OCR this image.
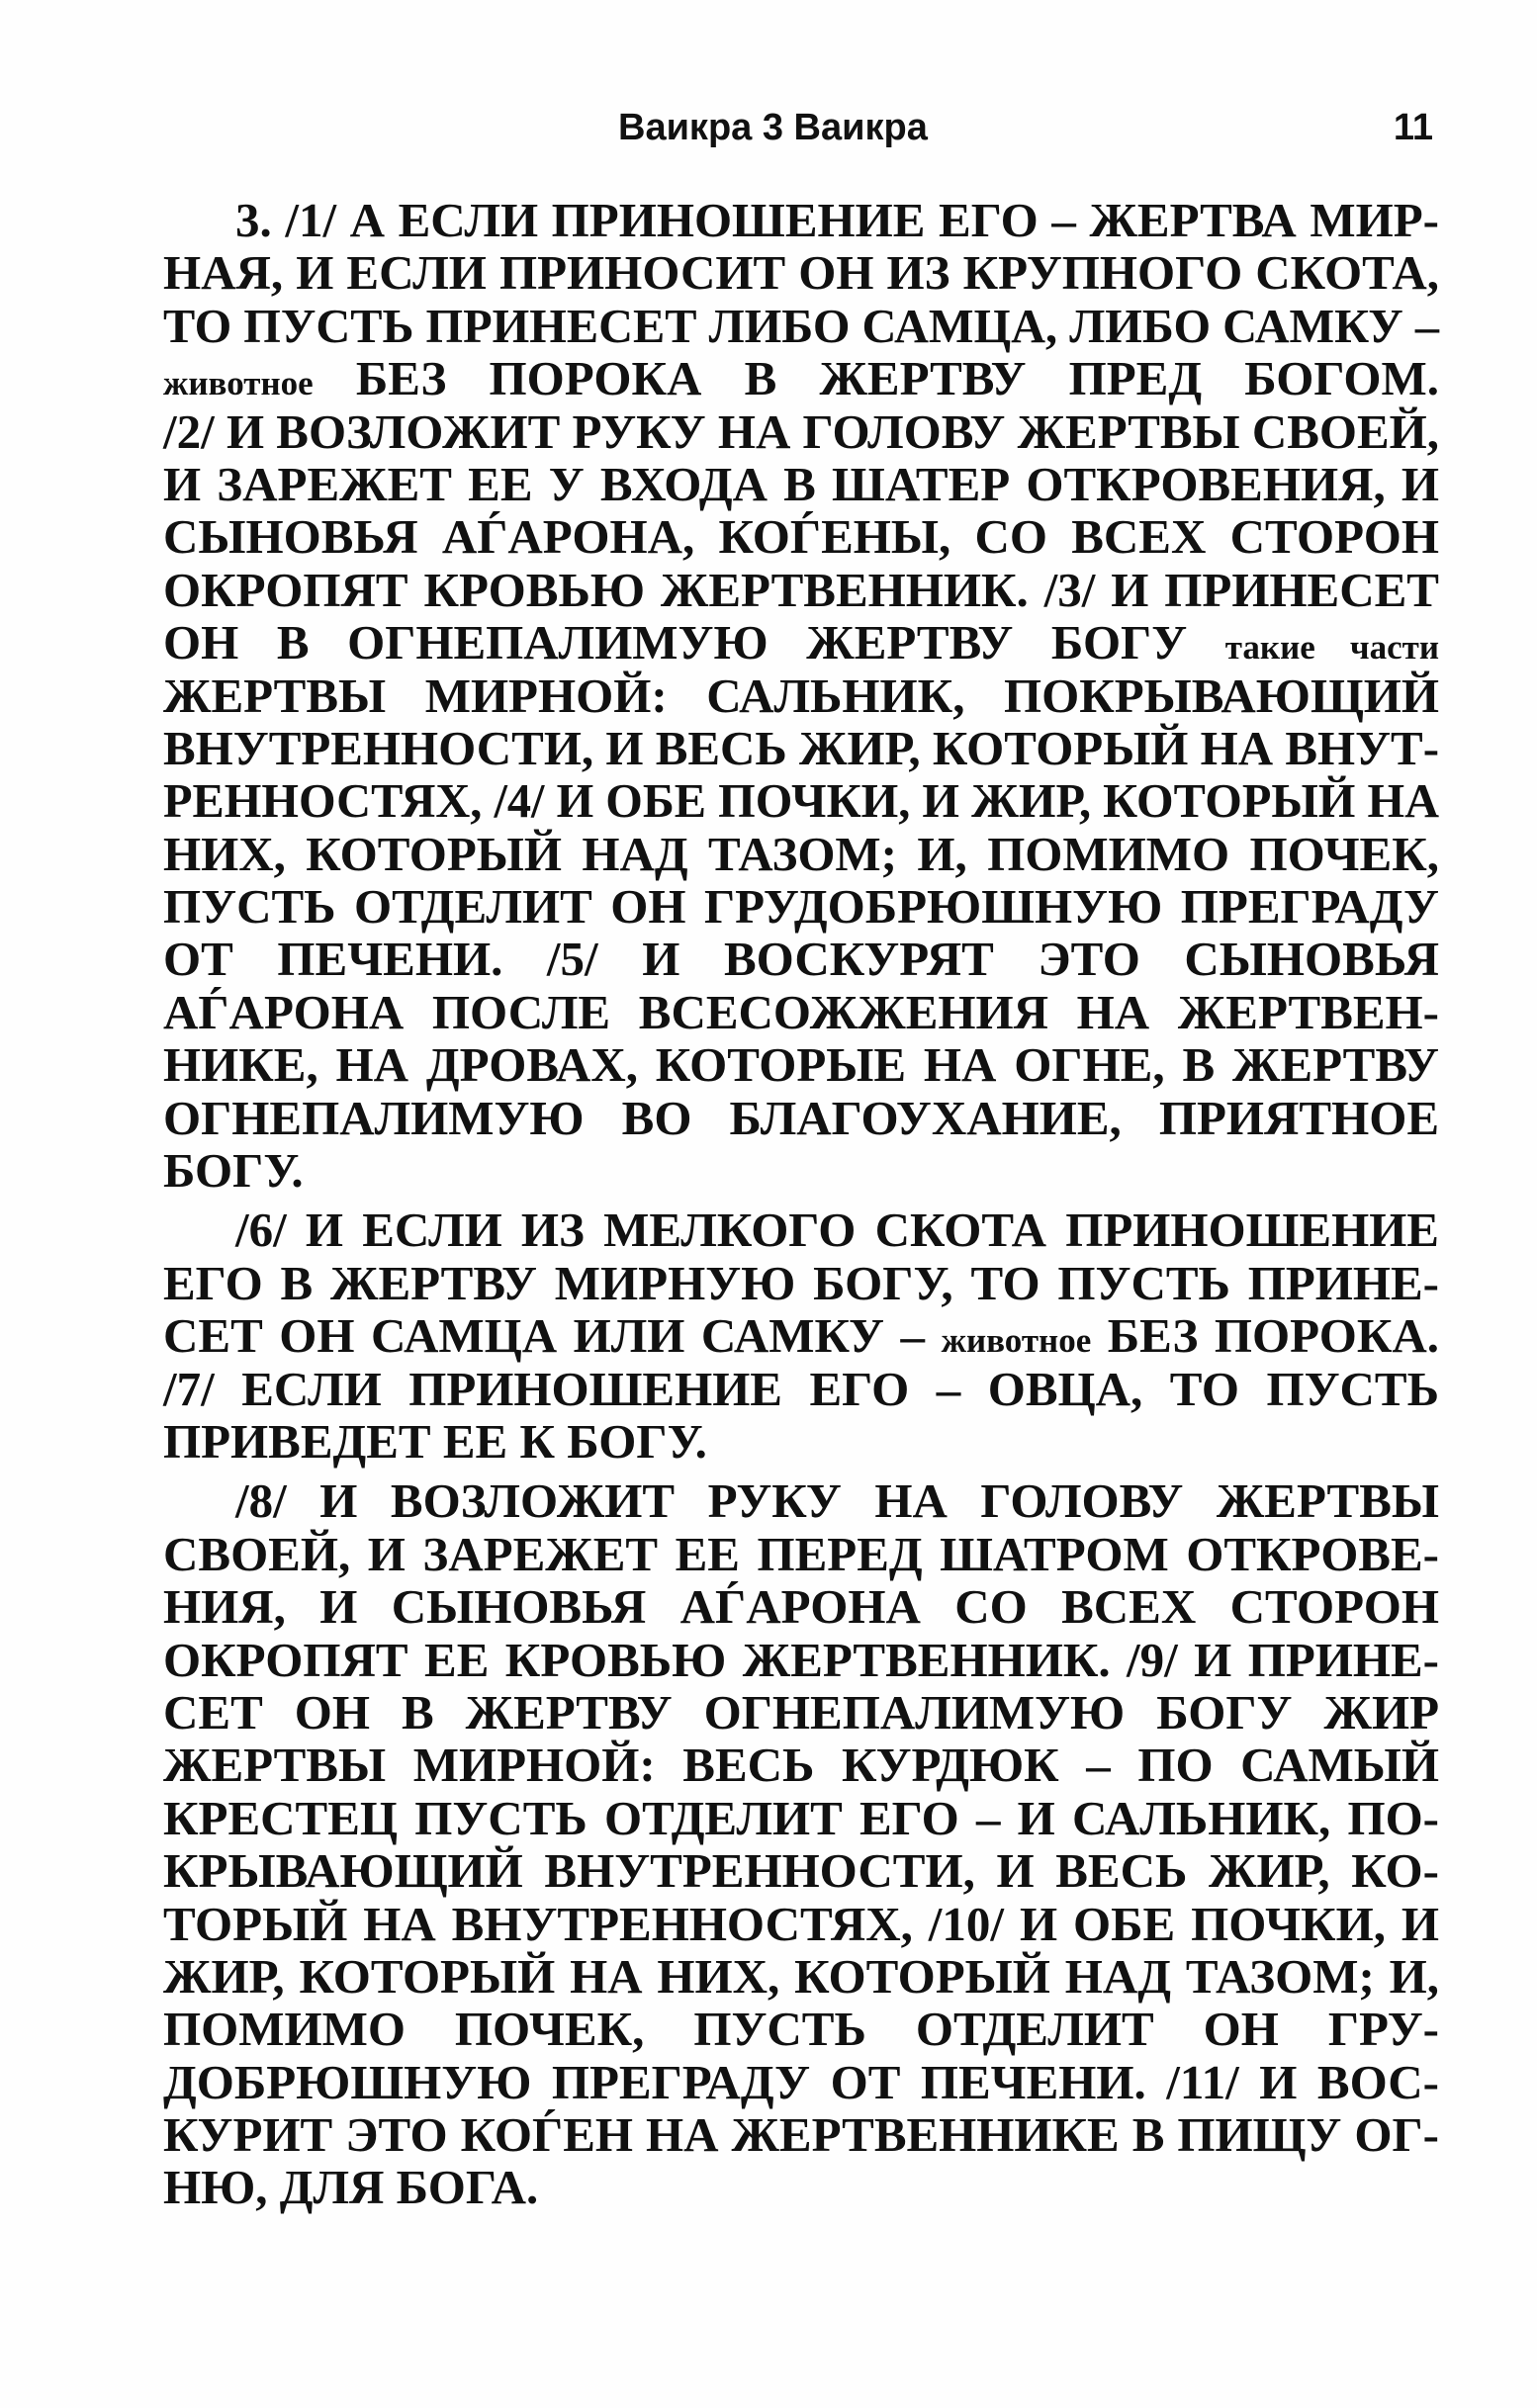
Ваикра 3 Ваикра	11
3. /1/ А ЕСЛИ ПРИНОШЕНИЕ ЕГО – ЖЕРТВА МИР-
НАЯ, И ЕСЛИ ПРИНОСИТ ОН ИЗ КРУПНОГО СКОТА,
ТО ПУСТЬ ПРИНЕСЕТ ЛИБО САМЦА, ЛИБО САМКУ –
животное БЕЗ ПОРОКА В ЖЕРТВУ ПРЕД БОГОМ.
/2/ И ВОЗЛОЖИТ РУКУ НА ГОЛОВУ ЖЕРТВЫ СВОЕЙ,
И ЗАРЕЖЕТ ЕЕ У ВХОДА В ШАТЕР ОТКРОВЕНИЯ, И
СЫНОВЬЯ АЃАРОНА, КОЃЕНЫ, СО ВСЕХ СТОРОН
ОКРОПЯТ КРОВЬЮ ЖЕРТВЕННИК. /3/ И ПРИНЕСЕТ
ОН В ОГНЕПАЛИМУЮ ЖЕРТВУ БОГУ такие части
ЖЕРТВЫ МИРНОЙ: САЛЬНИК, ПОКРЫВАЮЩИЙ
ВНУТРЕННОСТИ, И ВЕСЬ ЖИР, КОТОРЫЙ НА ВНУТ-
РЕННОСТЯХ, /4/ И ОБЕ ПОЧКИ, И ЖИР, КОТОРЫЙ НА
НИХ, КОТОРЫЙ НАД ТАЗОМ; И, ПОМИМО ПОЧЕК,
ПУСТЬ ОТДЕЛИТ ОН ГРУДОБРЮШНУЮ ПРЕГРАДУ
ОТ ПЕЧЕНИ. /5/ И ВОСКУРЯТ ЭТО СЫНОВЬЯ
АЃАРОНА ПОСЛЕ ВСЕСОЖЖЕНИЯ НА ЖЕРТВЕН-
НИКЕ, НА ДРОВАХ, КОТОРЫЕ НА ОГНЕ, В ЖЕРТВУ
ОГНЕПАЛИМУЮ ВО БЛАГОУХАНИЕ, ПРИЯТНОЕ
БОГУ.
/6/ И ЕСЛИ ИЗ МЕЛКОГО СКОТА ПРИНОШЕНИЕ
ЕГО В ЖЕРТВУ МИРНУЮ БОГУ, ТО ПУСТЬ ПРИНЕ-
СЕТ ОН САМЦА ИЛИ САМКУ – животное БЕЗ ПОРОКА.
/7/ ЕСЛИ ПРИНОШЕНИЕ ЕГО – ОВЦА, ТО ПУСТЬ
ПРИВЕДЕТ ЕЕ К БОГУ.
/8/ И ВОЗЛОЖИТ РУКУ НА ГОЛОВУ ЖЕРТВЫ
СВОЕЙ, И ЗАРЕЖЕТ ЕЕ ПЕРЕД ШАТРОМ ОТКРОВЕ-
НИЯ, И СЫНОВЬЯ АЃАРОНА СО ВСЕХ СТОРОН
ОКРОПЯТ ЕЕ КРОВЬЮ ЖЕРТВЕННИК. /9/ И ПРИНЕ-
СЕТ ОН В ЖЕРТВУ ОГНЕПАЛИМУЮ БОГУ ЖИР
ЖЕРТВЫ МИРНОЙ: ВЕСЬ КУРДЮК – ПО САМЫЙ
КРЕСТЕЦ ПУСТЬ ОТДЕЛИТ ЕГО – И САЛЬНИК, ПО-
КРЫВАЮЩИЙ ВНУТРЕННОСТИ, И ВЕСЬ ЖИР, КО-
ТОРЫЙ НА ВНУТРЕННОСТЯХ, /10/ И ОБЕ ПОЧКИ, И
ЖИР, КОТОРЫЙ НА НИХ, КОТОРЫЙ НАД ТАЗОМ; И,
ПОМИМО ПОЧЕК, ПУСТЬ ОТДЕЛИТ ОН ГРУ-
ДОБРЮШНУЮ ПРЕГРАДУ ОТ ПЕЧЕНИ. /11/ И ВОС-
КУРИТ ЭТО КОЃЕН НА ЖЕРТВЕННИКЕ В ПИЩУ ОГ-
НЮ, ДЛЯ БОГА.
